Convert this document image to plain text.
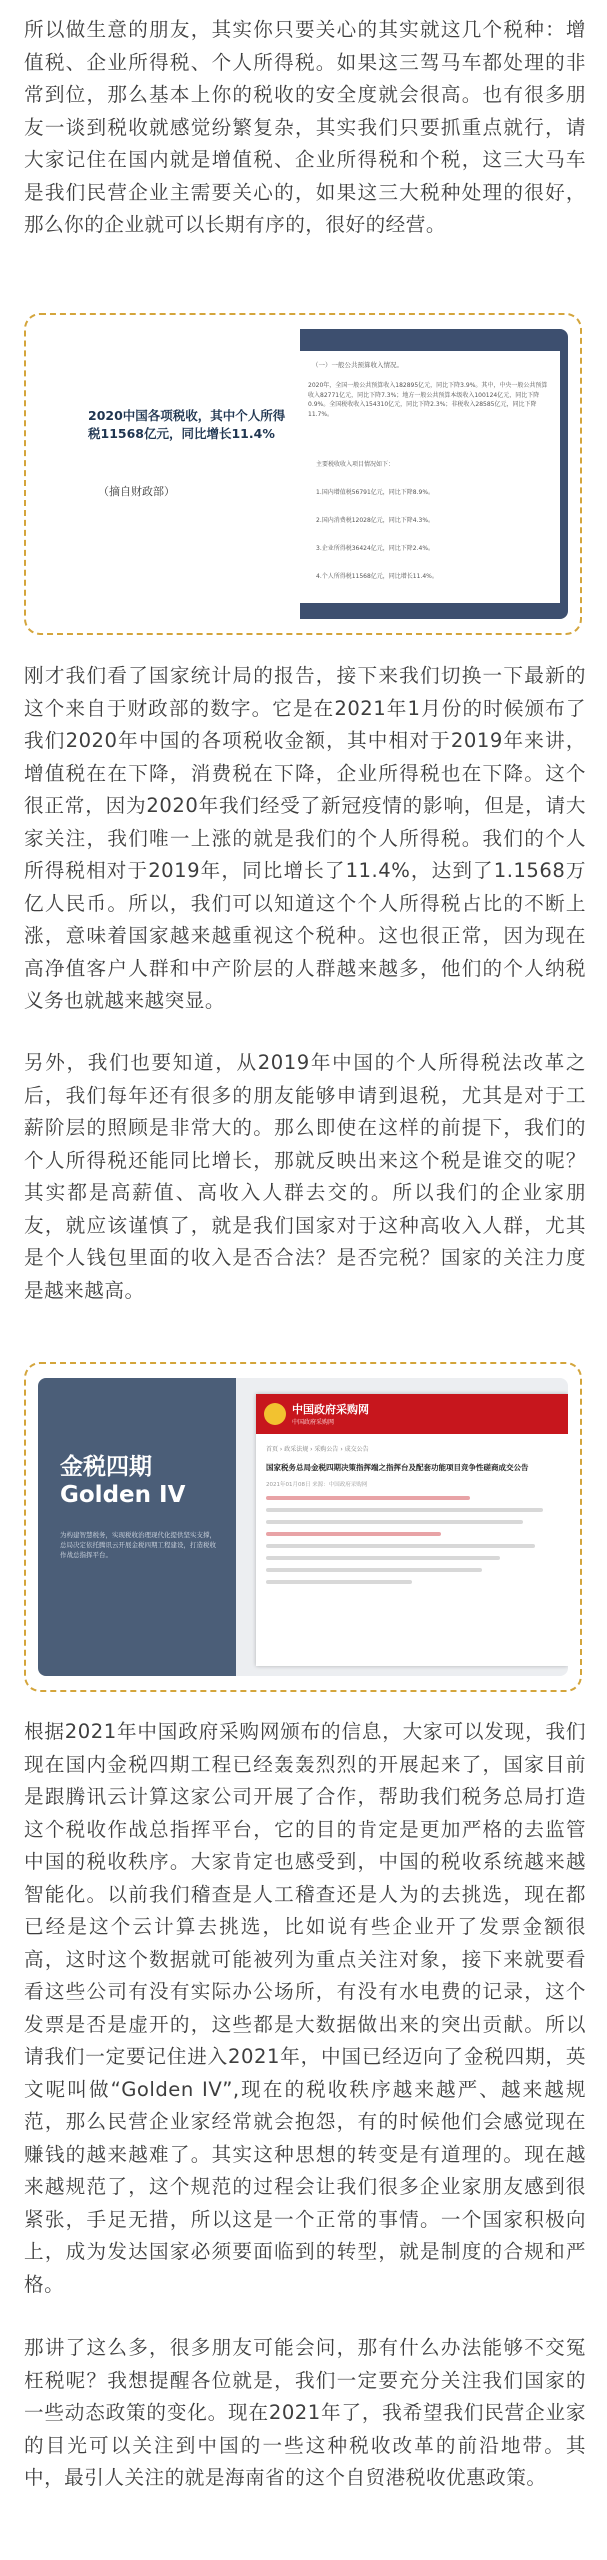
所以做生意的朋友，其实你只要关心的其实就这几个税种：增值税、企业所得税、个人所得税。如果这三驾马车都处理的非常到位，那么基本上你的税收的安全度就会很高。也有很多朋友一谈到税收就感觉纷繁复杂，其实我们只要抓重点就行，请大家记住在国内就是增值税、企业所得税和个税，这三大马车是我们民营企业主需要关心的，如果这三大税种处理的很好，那么你的企业就可以长期有序的，很好的经营。

2020中国各项税收，其中个人所得税11568亿元，同比增长11.4%
（摘自财政部）
（一）一般公共预算收入情况。
2020年，全国一般公共预算收入182895亿元，同比下降3.9%。其中，中央一般公共预算收入82771亿元，同比下降7.3%；地方一般公共预算本级收入100124亿元，同比下降0.9%。全国税收收入154310亿元，同比下降2.3%；非税收入28585亿元，同比下降11.7%。
主要税收收入项目情况如下：
1.国内增值税56791亿元，同比下降8.9%。
2.国内消费税12028亿元，同比下降4.3%。
3.企业所得税36424亿元，同比下降2.4%。
4.个人所得税11568亿元，同比增长11.4%。

刚才我们看了国家统计局的报告，接下来我们切换一下最新的这个来自于财政部的数字。它是在2021年1月份的时候颁布了我们2020年中国的各项税收金额，其中相对于2019年来讲，增值税在在下降，消费税在下降，企业所得税也在下降。这个很正常，因为2020年我们经受了新冠疫情的影响，但是，请大家关注，我们唯一上涨的就是我们的个人所得税。我们的个人所得税相对于2019年，同比增长了11.4%，达到了1.1568万亿人民币。所以，我们可以知道这个个人所得税占比的不断上涨，意味着国家越来越重视这个税种。这也很正常，因为现在高净值客户人群和中产阶层的人群越来越多，他们的个人纳税义务也就越来越突显。

另外，我们也要知道，从2019年中国的个人所得税法改革之后，我们每年还有很多的朋友能够申请到退税，尤其是对于工薪阶层的照顾是非常大的。那么即使在这样的前提下，我们的个人所得税还能同比增长，那就反映出来这个税是谁交的呢？其实都是高薪值、高收入人群去交的。所以我们的企业家朋友，就应该谨慎了，就是我们国家对于这种高收入人群，尤其是个人钱包里面的收入是否合法？是否完税？国家的关注力度是越来越高。

金税四期
Golden IV
为构建智慧税务，实现税收治理现代化提供坚实支撑，总局决定依托腾讯云开展金税四期工程建设，打造税收作战总指挥平台。
中国政府采购网
中国政府采购网
首页 › 政采法规 › 采购公告 › 成交公告
国家税务总局金税四期决策指挥端之指挥台及配套功能项目竞争性磋商成交公告
2021年01月08日 来源：中国政府采购网

根据2021年中国政府采购网颁布的信息，大家可以发现，我们现在国内金税四期工程已经轰轰烈烈的开展起来了，国家目前是跟腾讯云计算这家公司开展了合作，帮助我们税务总局打造这个税收作战总指挥平台，它的目的肯定是更加严格的去监管中国的税收秩序。大家肯定也感受到，中国的税收系统越来越智能化。以前我们稽查是人工稽查还是人为的去挑选，现在都已经是这个云计算去挑选，比如说有些企业开了发票金额很高，这时这个数据就可能被列为重点关注对象，接下来就要看看这些公司有没有实际办公场所，有没有水电费的记录，这个发票是否是虚开的，这些都是大数据做出来的突出贡献。所以请我们一定要记住进入2021年，中国已经迈向了金税四期，英文呢叫做“Golden IV”,现在的税收秩序越来越严、越来越规范，那么民营企业家经常就会抱怨，有的时候他们会感觉现在赚钱的越来越难了。其实这种思想的转变是有道理的。现在越来越规范了，这个规范的过程会让我们很多企业家朋友感到很紧张，手足无措，所以这是一个正常的事情。一个国家积极向上，成为发达国家必须要面临到的转型，就是制度的合规和严格。

那讲了这么多，很多朋友可能会问，那有什么办法能够不交冤枉税呢？我想提醒各位就是，我们一定要充分关注我们国家的一些动态政策的变化。现在2021年了，我希望我们民营企业家的目光可以关注到中国的一些这种税收改革的前沿地带。其中，最引人关注的就是海南省的这个自贸港税收优惠政策。
